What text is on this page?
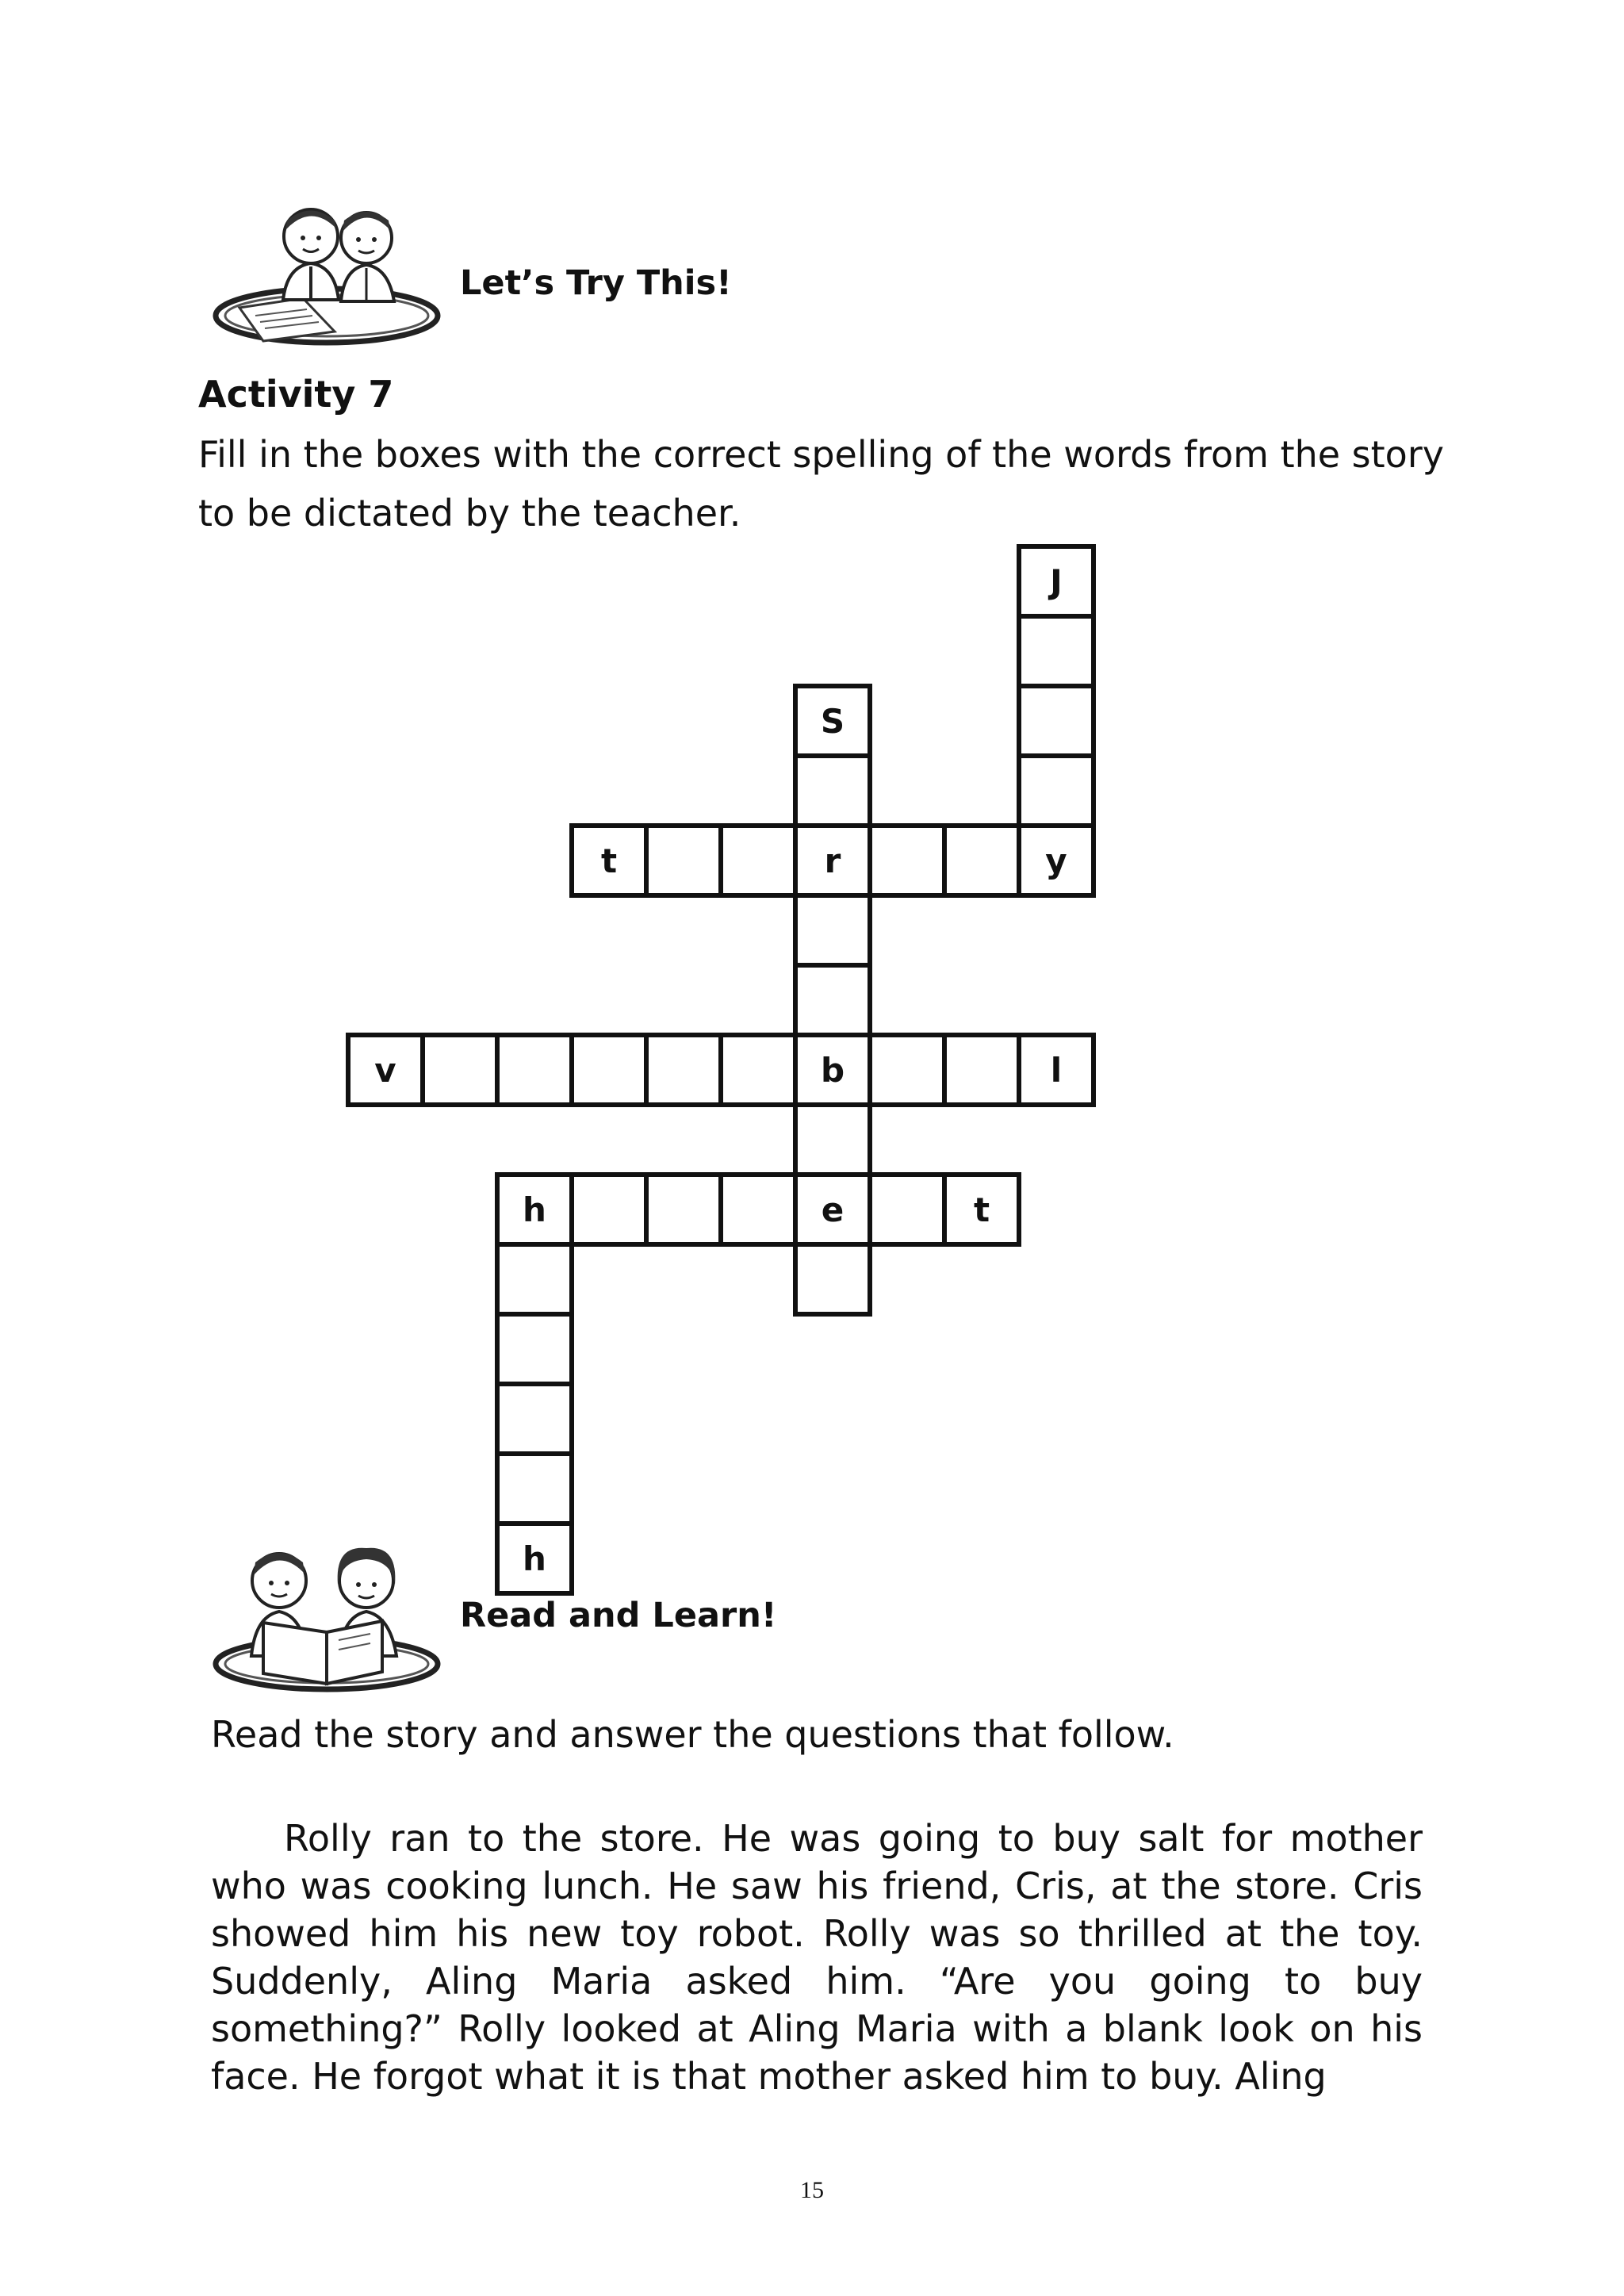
Let’s Try This!
Activity 7
Fill in the boxes with the correct spelling of the words from the story
to be dictated by the teacher.
J
S
t	r	y
v	b	l
h	e	t
h
Read and Learn!
Read the story and answer the questions that follow.
Rolly ran to the store. He was going to buy salt for mother who was cooking lunch. He saw his friend, Cris, at the store. Cris showed him his new toy robot. Rolly was so thrilled at the toy. Suddenly, Aling Maria asked him. “Are you going to buy something?” Rolly looked at Aling Maria with a blank look on his face. He forgot what it is that mother asked him to buy. Aling
15
